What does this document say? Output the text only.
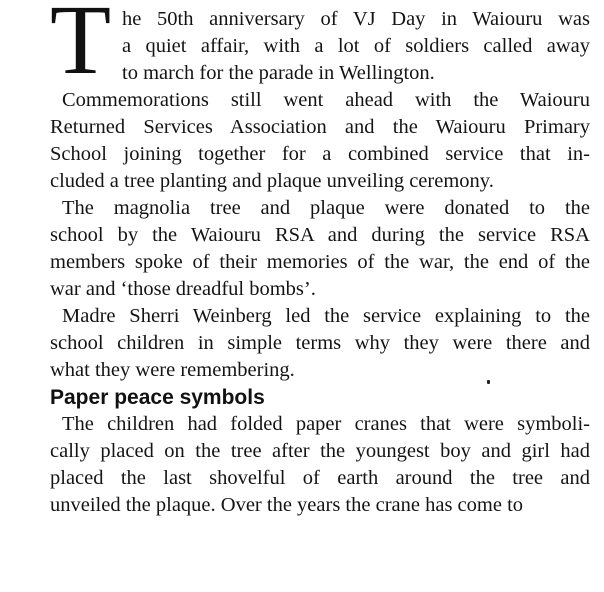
T he 50th anniversary of VJ Day in Waiouru was
a quiet affair, with a lot of soldiers called away
to march for the parade in Wellington.

Commemorations still went ahead with the Waiouru
Returned Services Association and the Waiouru Primary
School joining together for a combined service that in-
cluded a tree planting and plaque unveiling ceremony.

The magnolia tree and plaque were donated to the
school by the Waiouru RSA and during the service RSA
members spoke of their memories of the war, the end of the
war and ‘those dreadful bombs’.

Madre Sherri Weinberg led the service explaining to the
school children in simple terms why they were there and
what they were remembering.

Paper peace symbols

The children had folded paper cranes that were symboli-
cally placed on the tree after the youngest boy and girl had
placed the last shovelful of earth around the tree and
unveiled the plaque. Over the years the crane has come to
